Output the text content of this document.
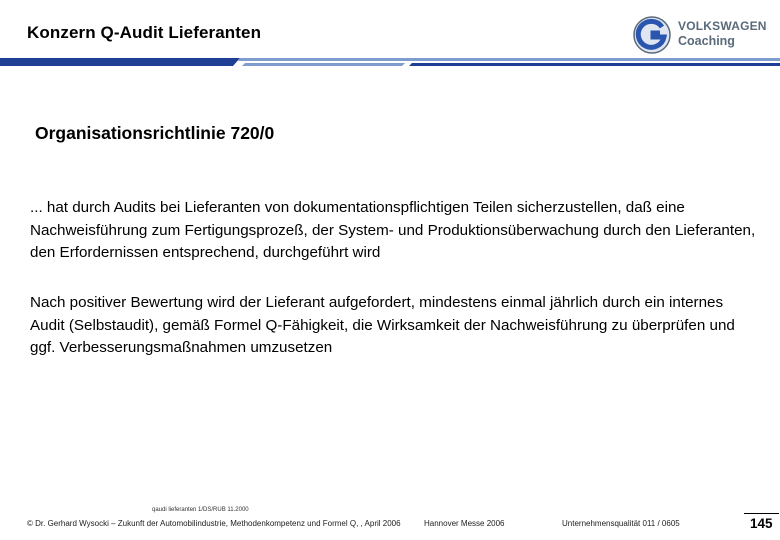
Konzern Q-Audit Lieferanten	VOLKSWAGEN
Coaching
Organisationsrichtlinie 720/0
... hat durch Audits bei Lieferanten von dokumentationspflichtigen Teilen sicherzustellen, daß eine Nachweisführung zum Fertigungsprozeß, der System- und Produktionsüberwachung durch den Lieferanten, den Erfordernissen entsprechend, durchgeführt wird
Nach positiver Bewertung wird der Lieferant aufgefordert, mindestens einmal jährlich durch ein internes Audit (Selbstaudit), gemäß Formel Q-Fähigkeit, die Wirksamkeit der Nachweisführung zu überprüfen und ggf. Verbesserungsmaßnahmen umzusetzen
qaudi lieferanten 1/DS/RUB 11.2000
© Dr. Gerhard Wysocki – Zukunft der Automobilindustrie, Methodenkompetenz und Formel Q, , April 2006	Hannover Messe 2006	Unternehmensqualität 011 / 0605	145
